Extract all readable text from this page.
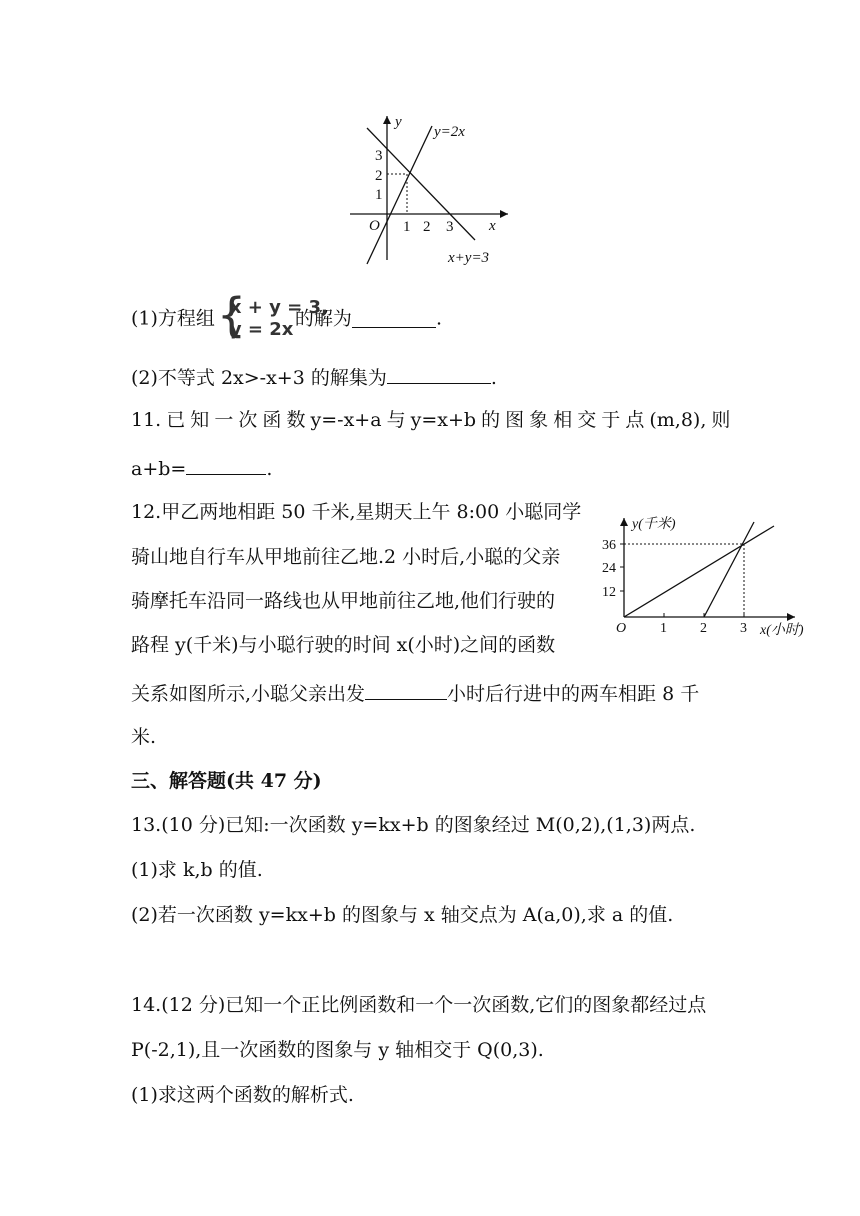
y
x
O 1 2 3
1
2
3
y=2x
x+y=3
(1)方程组 {
x + y = 3,
y = 2x 的解为	.
(2)不等式 2x>-x+3 的解集为	.
11. 已 知 一 次 函 数 y=-x+a 与 y=x+b 的 图 象 相 交 于 点 (m,8), 则
a+b=	.
12.甲乙两地相距 50 千米,星期天上午 8:00 小聪同学
骑山地自行车从甲地前往乙地.2 小时后,小聪的父亲
骑摩托车沿同一路线也从甲地前往乙地,他们行驶的
路程 y(千米)与小聪行驶的时间 x(小时)之间的函数
关系如图所示,小聪父亲出发	小时后行进中的两车相距 8 千
米.
y(千米)
x(小时)
O
12
24
36
1 2 3
三、解答题(共 47 分)
13.(10 分)已知:一次函数 y=kx+b 的图象经过 M(0,2),(1,3)两点.
(1)求 k,b 的值.
(2)若一次函数 y=kx+b 的图象与 x 轴交点为 A(a,0),求 a 的值.
14.(12 分)已知一个正比例函数和一个一次函数,它们的图象都经过点
P(-2,1),且一次函数的图象与 y 轴相交于 Q(0,3).
(1)求这两个函数的解析式.
